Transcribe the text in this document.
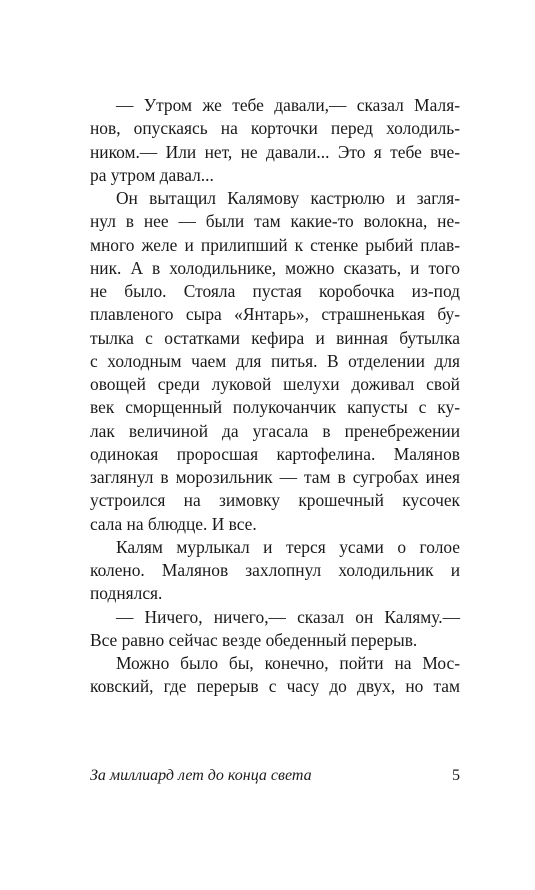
— Утром же тебе давали,— сказал Маля-
нов, опускаясь на корточки перед холодиль-
ником.— Или нет, не давали... Это я тебе вче-
ра утром давал...
Он вытащил Калямову кастрюлю и загля-
нул в нее — были там какие-то волокна, не-
много желе и прилипший к стенке рыбий плав-
ник. А в холодильнике, можно сказать, и того
не было. Стояла пустая коробочка из-под
плавленого сыра «Янтарь», страшненькая бу-
тылка с остатками кефира и винная бутылка
с холодным чаем для питья. В отделении для
овощей среди луковой шелухи доживал свой
век сморщенный полукочанчик капусты с ку-
лак величиной да угасала в пренебрежении
одинокая проросшая картофелина. Малянов
заглянул в морозильник — там в сугробах инея
устроился на зимовку крошечный кусочек
сала на блюдце. И все.
Калям мурлыкал и терся усами о голое
колено. Малянов захлопнул холодильник и
поднялся.
— Ничего, ничего,— сказал он Каляму.—
Все равно сейчас везде обеденный перерыв.
Можно было бы, конечно, пойти на Мос-
ковский, где перерыв с часу до двух, но там
За миллиард лет до конца света	5
